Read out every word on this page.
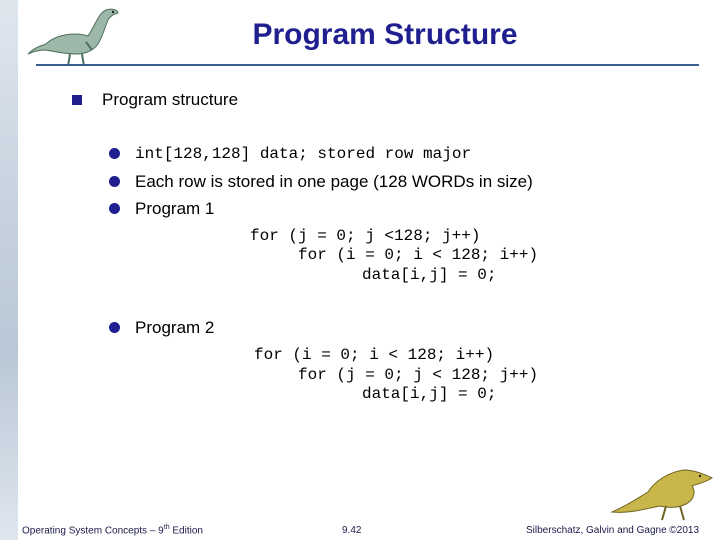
Program Structure
Program structure
int[128,128] data; stored row major
Each row is stored in one page (128 WORDs in size)
Program 1
for (j = 0; j <128; j++)
for (i = 0; i < 128; i++)
data[i,j] = 0;
Program 2
for (i = 0; i < 128; i++)
for (j = 0; j < 128; j++)
data[i,j] = 0;
Operating System Concepts – 9th Edition	9.42	Silberschatz, Galvin and Gagne ©2013
